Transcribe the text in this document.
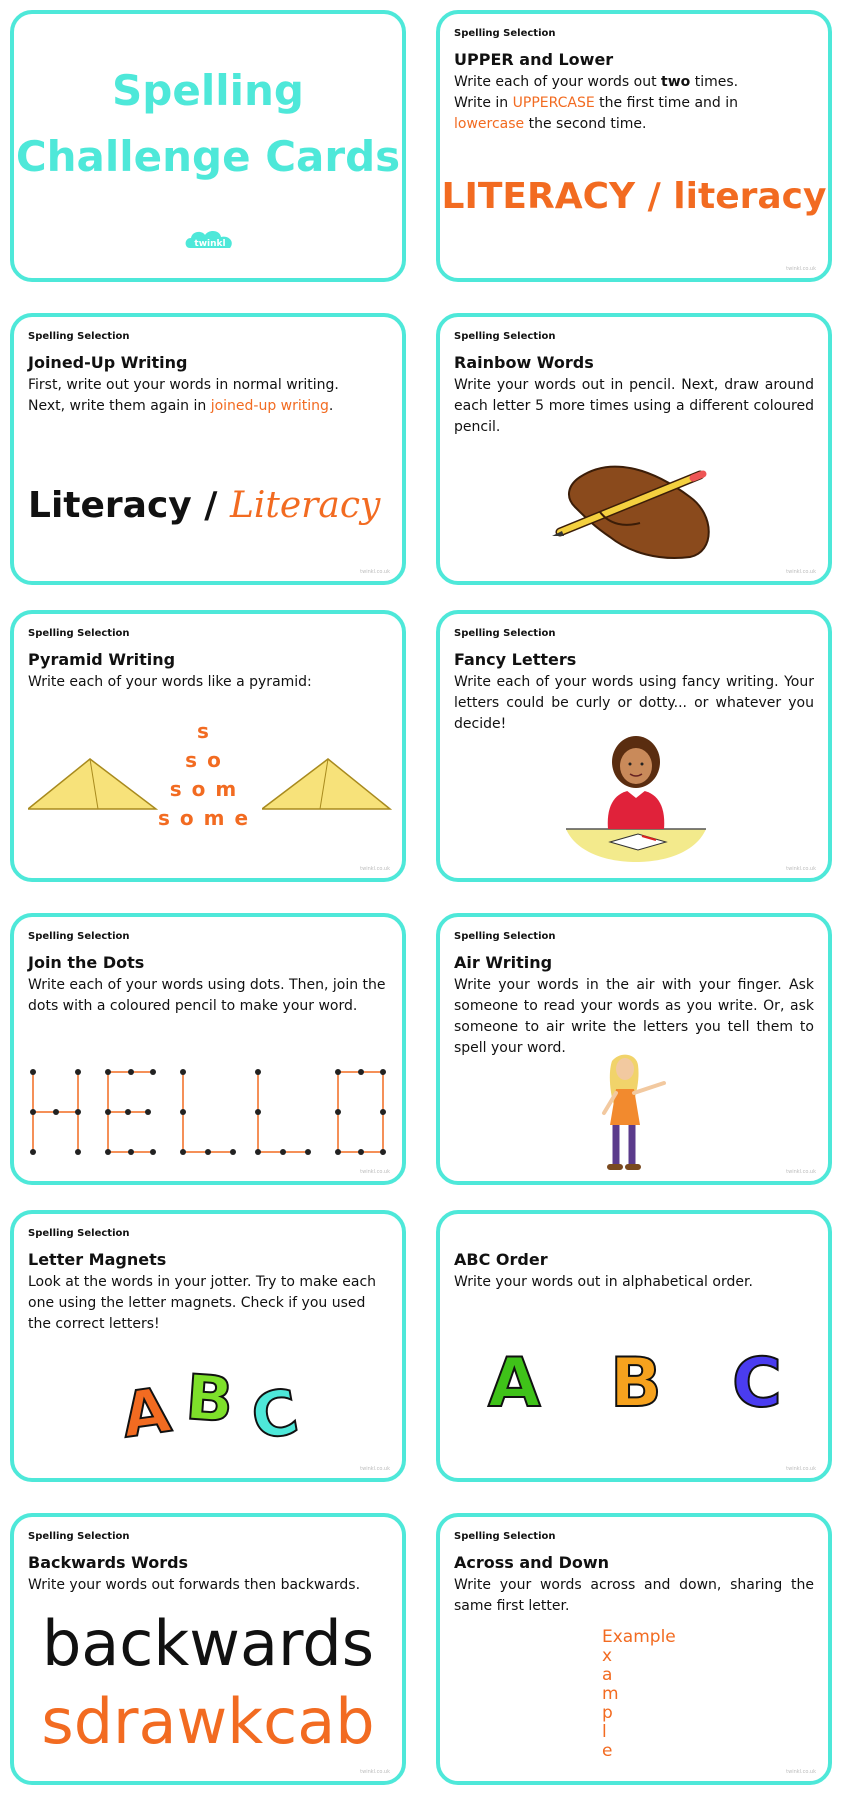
Spelling
Challenge Cards
twinkl
Spelling Selection
UPPER and Lower
Write each of your words out two times.
Write in UPPERCASE the first time and in
lowercase the second time.
LITERACY / literacy
twinkl.co.uk
Spelling Selection
Joined-Up Writing
First, write out your words in normal writing.
Next, write them again in joined-up writing.
Literacy / Literacy
twinkl.co.uk
Spelling Selection
Rainbow Words
Write your words out in pencil. Next, draw around each letter 5 more times using a different coloured pencil.
twinkl.co.uk
Spelling Selection
Pyramid Writing
Write each of your words like a pyramid:
s
so
som
some
twinkl.co.uk
Spelling Selection
Fancy Letters
Write each of your words using fancy writing. Your letters could be curly or dotty... or whatever you decide!
twinkl.co.uk
Spelling Selection
Join the Dots
Write each of your words using dots. Then, join the dots with a coloured pencil to make your word.
twinkl.co.uk
Spelling Selection
Air Writing
Write your words in the air with your finger. Ask someone to read your words as you write. Or, ask someone to air write the letters you tell them to spell your word.
twinkl.co.uk
Spelling Selection
Letter Magnets
Look at the words in your jotter. Try to make each one using the letter magnets. Check if you used the correct letters!
A B C
twinkl.co.uk
ABC Order
Write your words out in alphabetical order.
A B C
twinkl.co.uk
Spelling Selection
Backwards Words
Write your words out forwards then backwards.
backwards
sdrawkcab
twinkl.co.uk
Spelling Selection
Across and Down
Write your words across and down, sharing the same first letter.
Example
x
a
m
p
l
e
twinkl.co.uk
